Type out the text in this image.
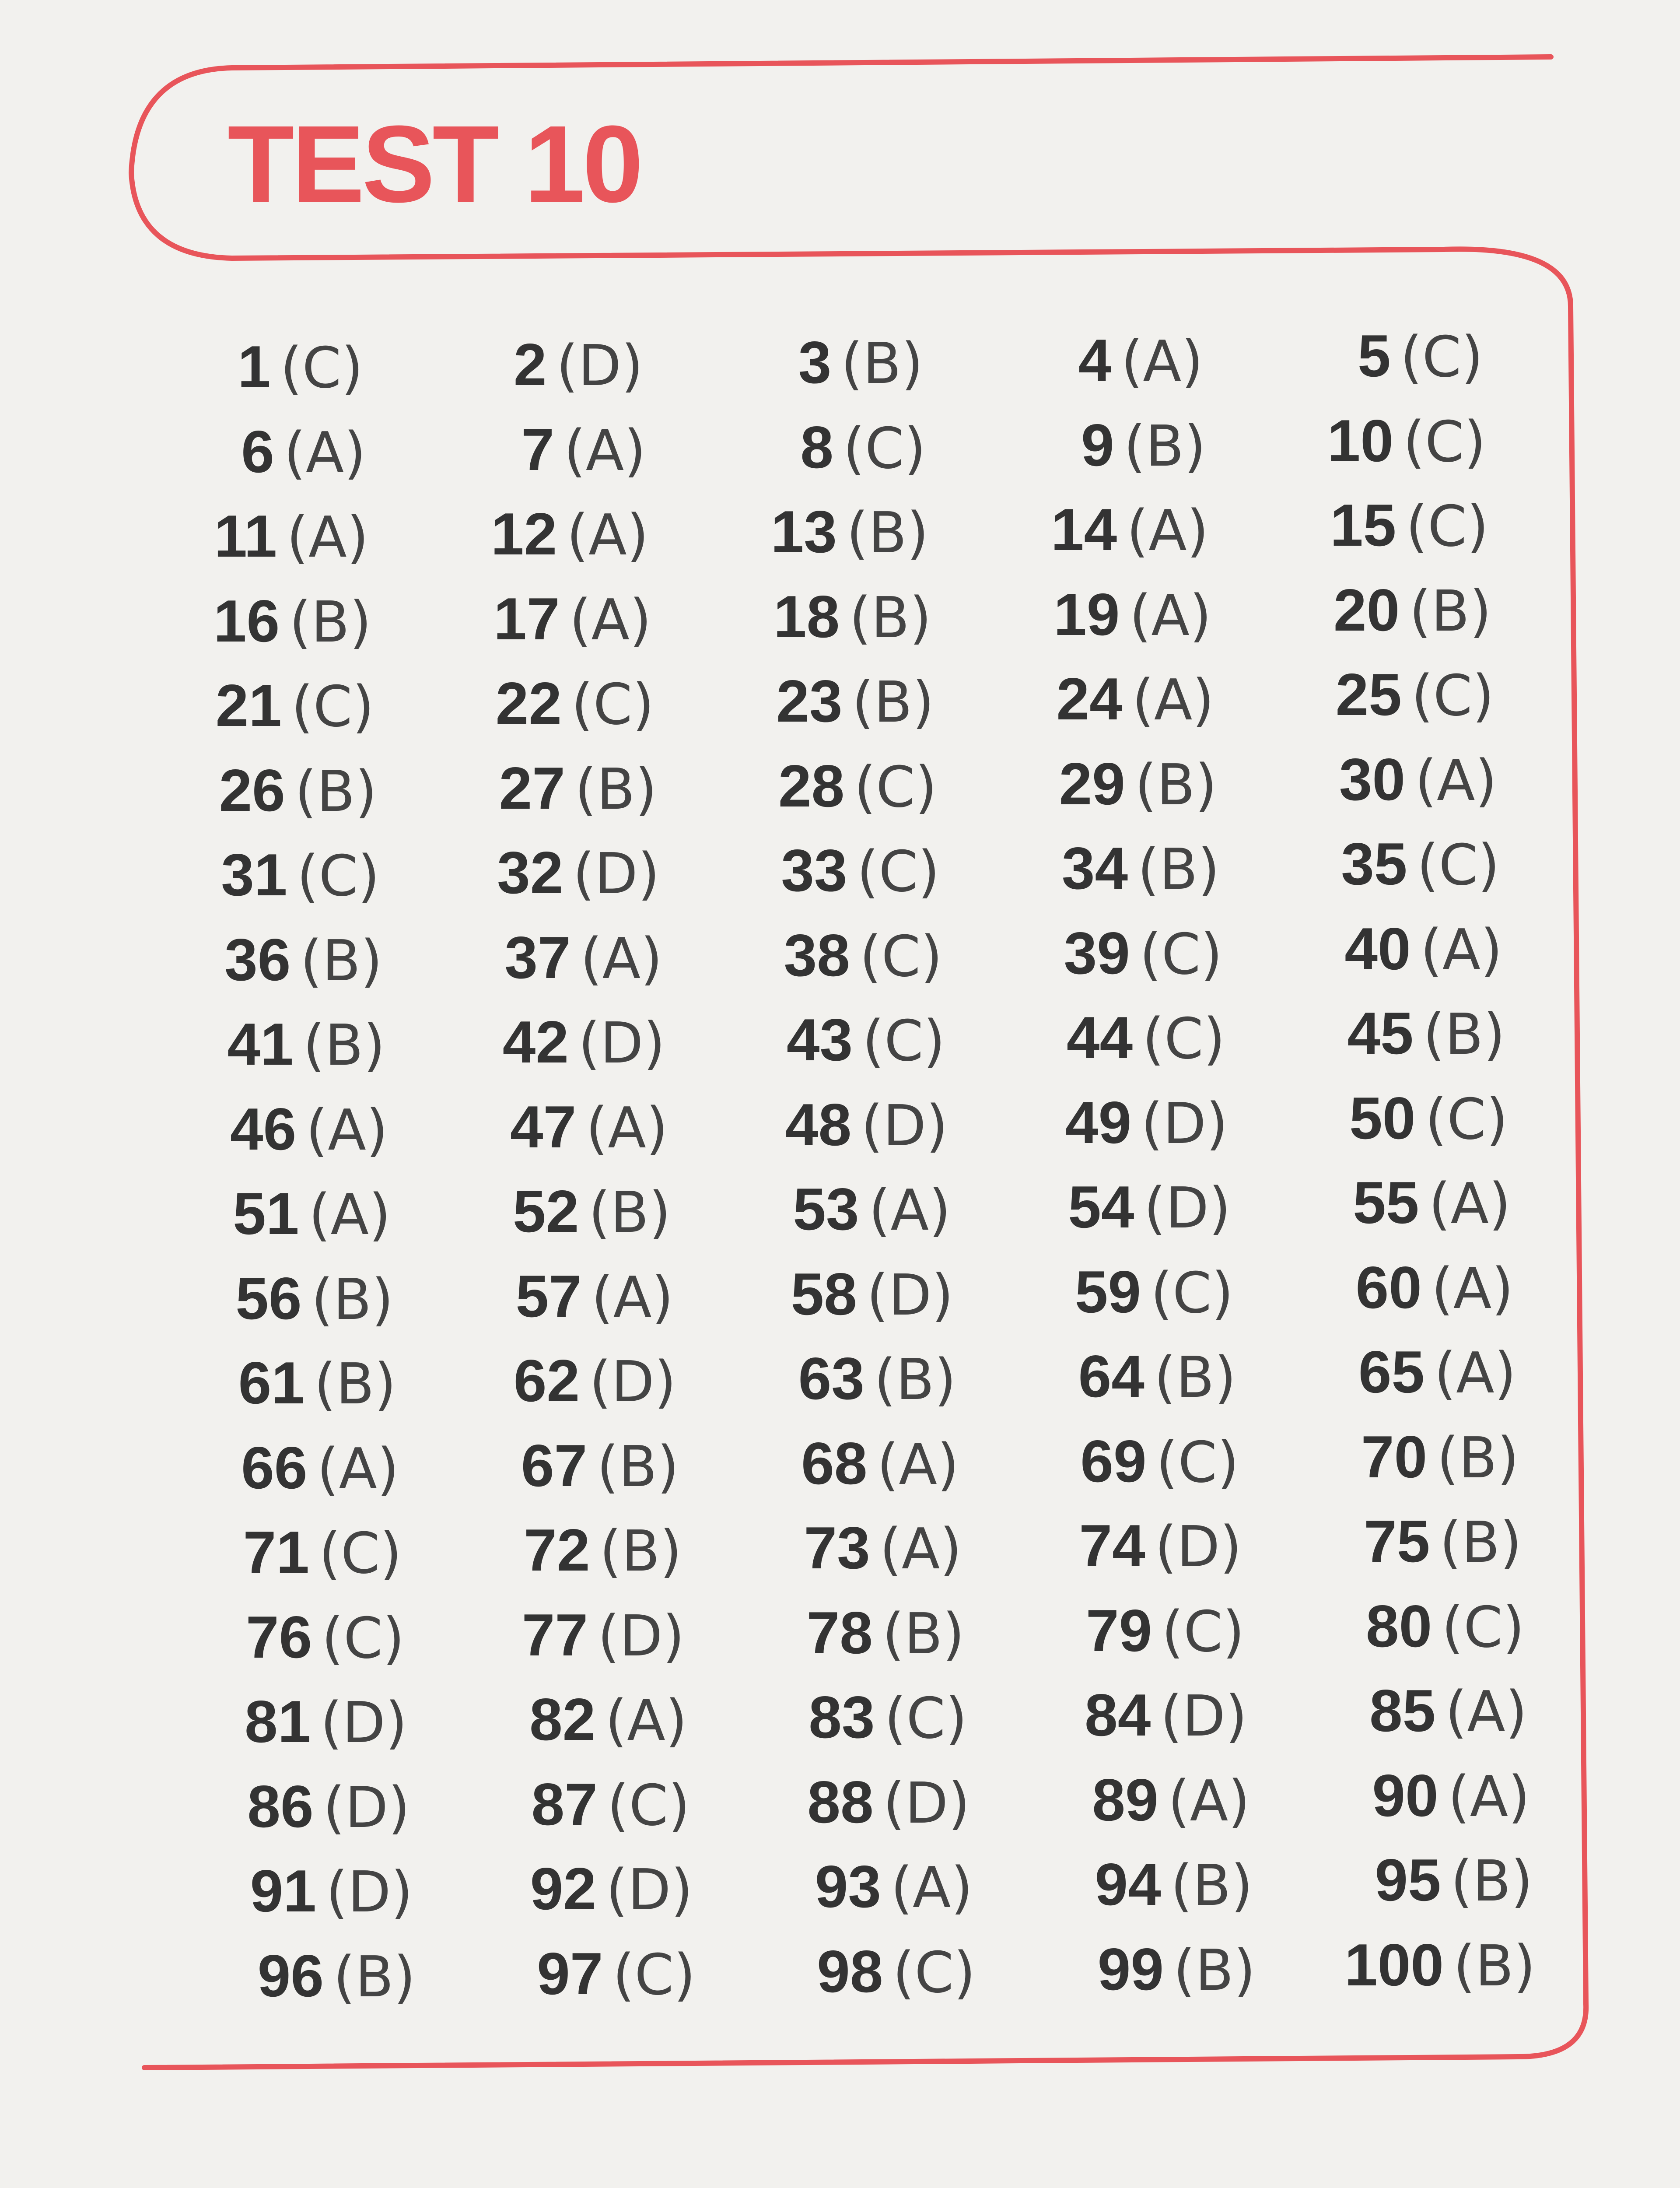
TEST 10
1 (C)	2 (D)	3 (B)	4 (A)	5 (C)
6 (A)	7 (A)	8 (C)	9 (B) 10 (C)
11 (A) 12 (A) 13 (B) 14 (A) 15 (C)
16 (B) 17 (A) 18 (B) 19 (A) 20 (B)
21 (C) 22 (C) 23 (B) 24 (A) 25 (C)
26 (B) 27 (B) 28 (C) 29 (B) 30 (A)
31 (C) 32 (D) 33 (C) 34 (B) 35 (C)
36 (B) 37 (A) 38 (C) 39 (C) 40 (A)
41 (B) 42 (D) 43 (C) 44 (C) 45 (B)
46 (A) 47 (A) 48 (D) 49 (D) 50 (C)
51 (A) 52 (B) 53 (A) 54 (D) 55 (A)
56 (B) 57 (A) 58 (D) 59 (C) 60 (A)
61 (B) 62 (D) 63 (B) 64 (B) 65 (A)
66 (A) 67 (B) 68 (A) 69 (C) 70 (B)
71 (C) 72 (B) 73 (A) 74 (D) 75 (B)
76 (C) 77 (D) 78 (B) 79 (C) 80 (C)
81 (D) 82 (A) 83 (C) 84 (D) 85 (A)
86 (D) 87 (C) 88 (D) 89 (A) 90 (A)
91 (D) 92 (D) 93 (A) 94 (B) 95 (B)
96 (B) 97 (C) 98 (C) 99 (B) 100 (B)
